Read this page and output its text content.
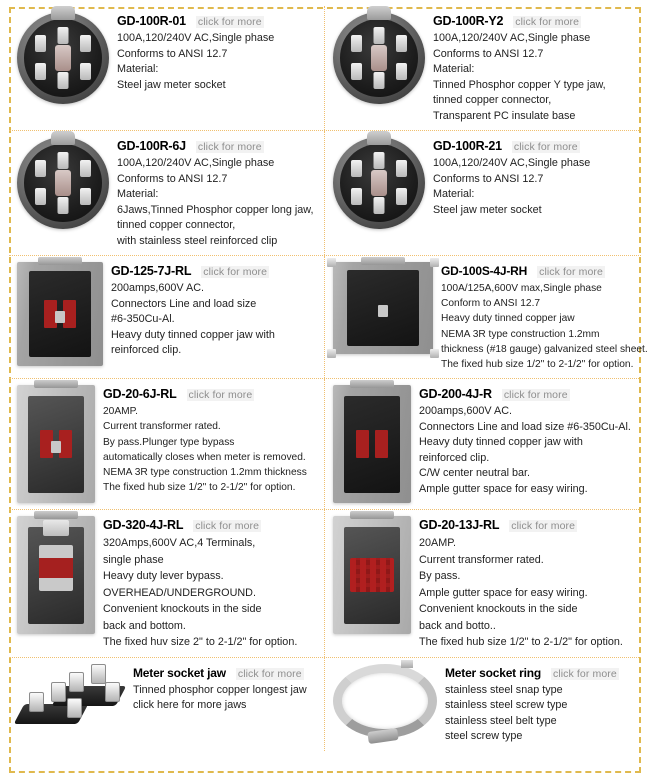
GD-100R-01 click for more
100A,120/240V AC,Single phase
Conforms to ANSI 12.7
Material:
Steel jaw meter socket
GD-100R-Y2 click for more
100A,120/240V AC,Single phase
Conforms to ANSI 12.7
Material:
Tinned Phosphor copper Y type jaw,
tinned copper connector,
Transparent PC insulate base
GD-100R-6J click for more
100A,120/240V AC,Single phase
Conforms to ANSI 12.7
Material:
6Jaws,Tinned Phosphor copper long jaw,
tinned copper connector,
with stainless steel reinforced clip
GD-100R-21 click for more
100A,120/240V AC,Single phase
Conforms to ANSI 12.7
Material:
Steel jaw meter socket
GD-125-7J-RL click for more
200amps,600V AC.
Connectors Line and load size
#6-350Cu-Al.
Heavy duty tinned copper jaw with
reinforced clip.
GD-100S-4J-RH click for more
100A/125A,600V max,Single phase
Conform to ANSI 12.7
Heavy duty tinned copper jaw
NEMA 3R type construction 1.2mm
thickness (#18 gauge) galvanized steel sheet.
The fixed hub size 1/2" to 2-1/2" for option.
GD-20-6J-RL click for more
20AMP.
Current transformer rated.
By pass.Plunger type bypass
automatically closes when meter is removed.
NEMA 3R type construction 1.2mm thickness
The fixed hub size 1/2" to 2-1/2" for option.
GD-200-4J-R click for more
200amps,600V AC.
Connectors Line and load size #6-350Cu-Al.
Heavy duty tinned copper jaw with
reinforced clip.
C/W center neutral bar.
Ample gutter space for easy wiring.
GD-320-4J-RL click for more
320Amps,600V AC,4 Terminals,
single phase
Heavy duty lever bypass.
OVERHEAD/UNDERGROUND.
Convenient knockouts in the side
back and bottom.
The fixed huv size 2" to 2-1/2" for option.
GD-20-13J-RL click for more
20AMP.
Current transformer rated.
By pass.
Ample gutter space for easy wiring.
Convenient knockouts in the side
back and botto..
The fixed hub size 1/2" to 2-1/2" for option.
Meter socket jaw click for more
Tinned phosphor copper longest jaw
click here for more jaws
Meter socket ring click for more
stainless steel snap type
stainless steel screw type
stainless steel belt type
steel screw type
